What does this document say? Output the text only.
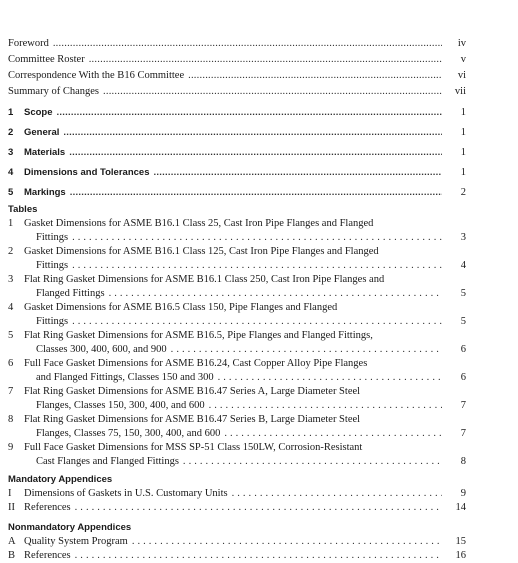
Foreword . . .	iv
Committee Roster . . .	v
Correspondence With the B16 Committee . . .	vi
Summary of Changes . . .	vii
1 Scope . . .	1
2 General . . .	1
3 Materials . . .	1
4 Dimensions and Tolerances . . .	1
5 Markings . . .	2
Tables
1	Gasket Dimensions for ASME B16.1 Class 25, Cast Iron Pipe Flanges and Flanged
Fittings . . .	3
2	Gasket Dimensions for ASME B16.1 Class 125, Cast Iron Pipe Flanges and Flanged
Fittings . . .	4
3	Flat Ring Gasket Dimensions for ASME B16.1 Class 250, Cast Iron Pipe Flanges and
Flanged Fittings . . .	5
4	Gasket Dimensions for ASME B16.5 Class 150, Pipe Flanges and Flanged
Fittings . . .	5
5	Flat Ring Gasket Dimensions for ASME B16.5, Pipe Flanges and Flanged Fittings,
Classes 300, 400, 600, and 900 . . .	6
6	Full Face Gasket Dimensions for ASME B16.24, Cast Copper Alloy Pipe Flanges
and Flanged Fittings, Classes 150 and 300 . . .	6
7	Flat Ring Gasket Dimensions for ASME B16.47 Series A, Large Diameter Steel
Flanges, Classes 150, 300, 400, and 600 . . .	7
8	Flat Ring Gasket Dimensions for ASME B16.47 Series B, Large Diameter Steel
Flanges, Classes 75, 150, 300, 400, and 600 . . .	7
9	Full Face Gasket Dimensions for MSS SP-51 Class 150LW, Corrosion-Resistant
Cast Flanges and Flanged Fittings . . .	8
Mandatory Appendices
I	Dimensions of Gaskets in U.S. Customary Units . . .	9
II References . . .	14
Nonmandatory Appendices
A Quality System Program . . .	15
B References . . .	16
